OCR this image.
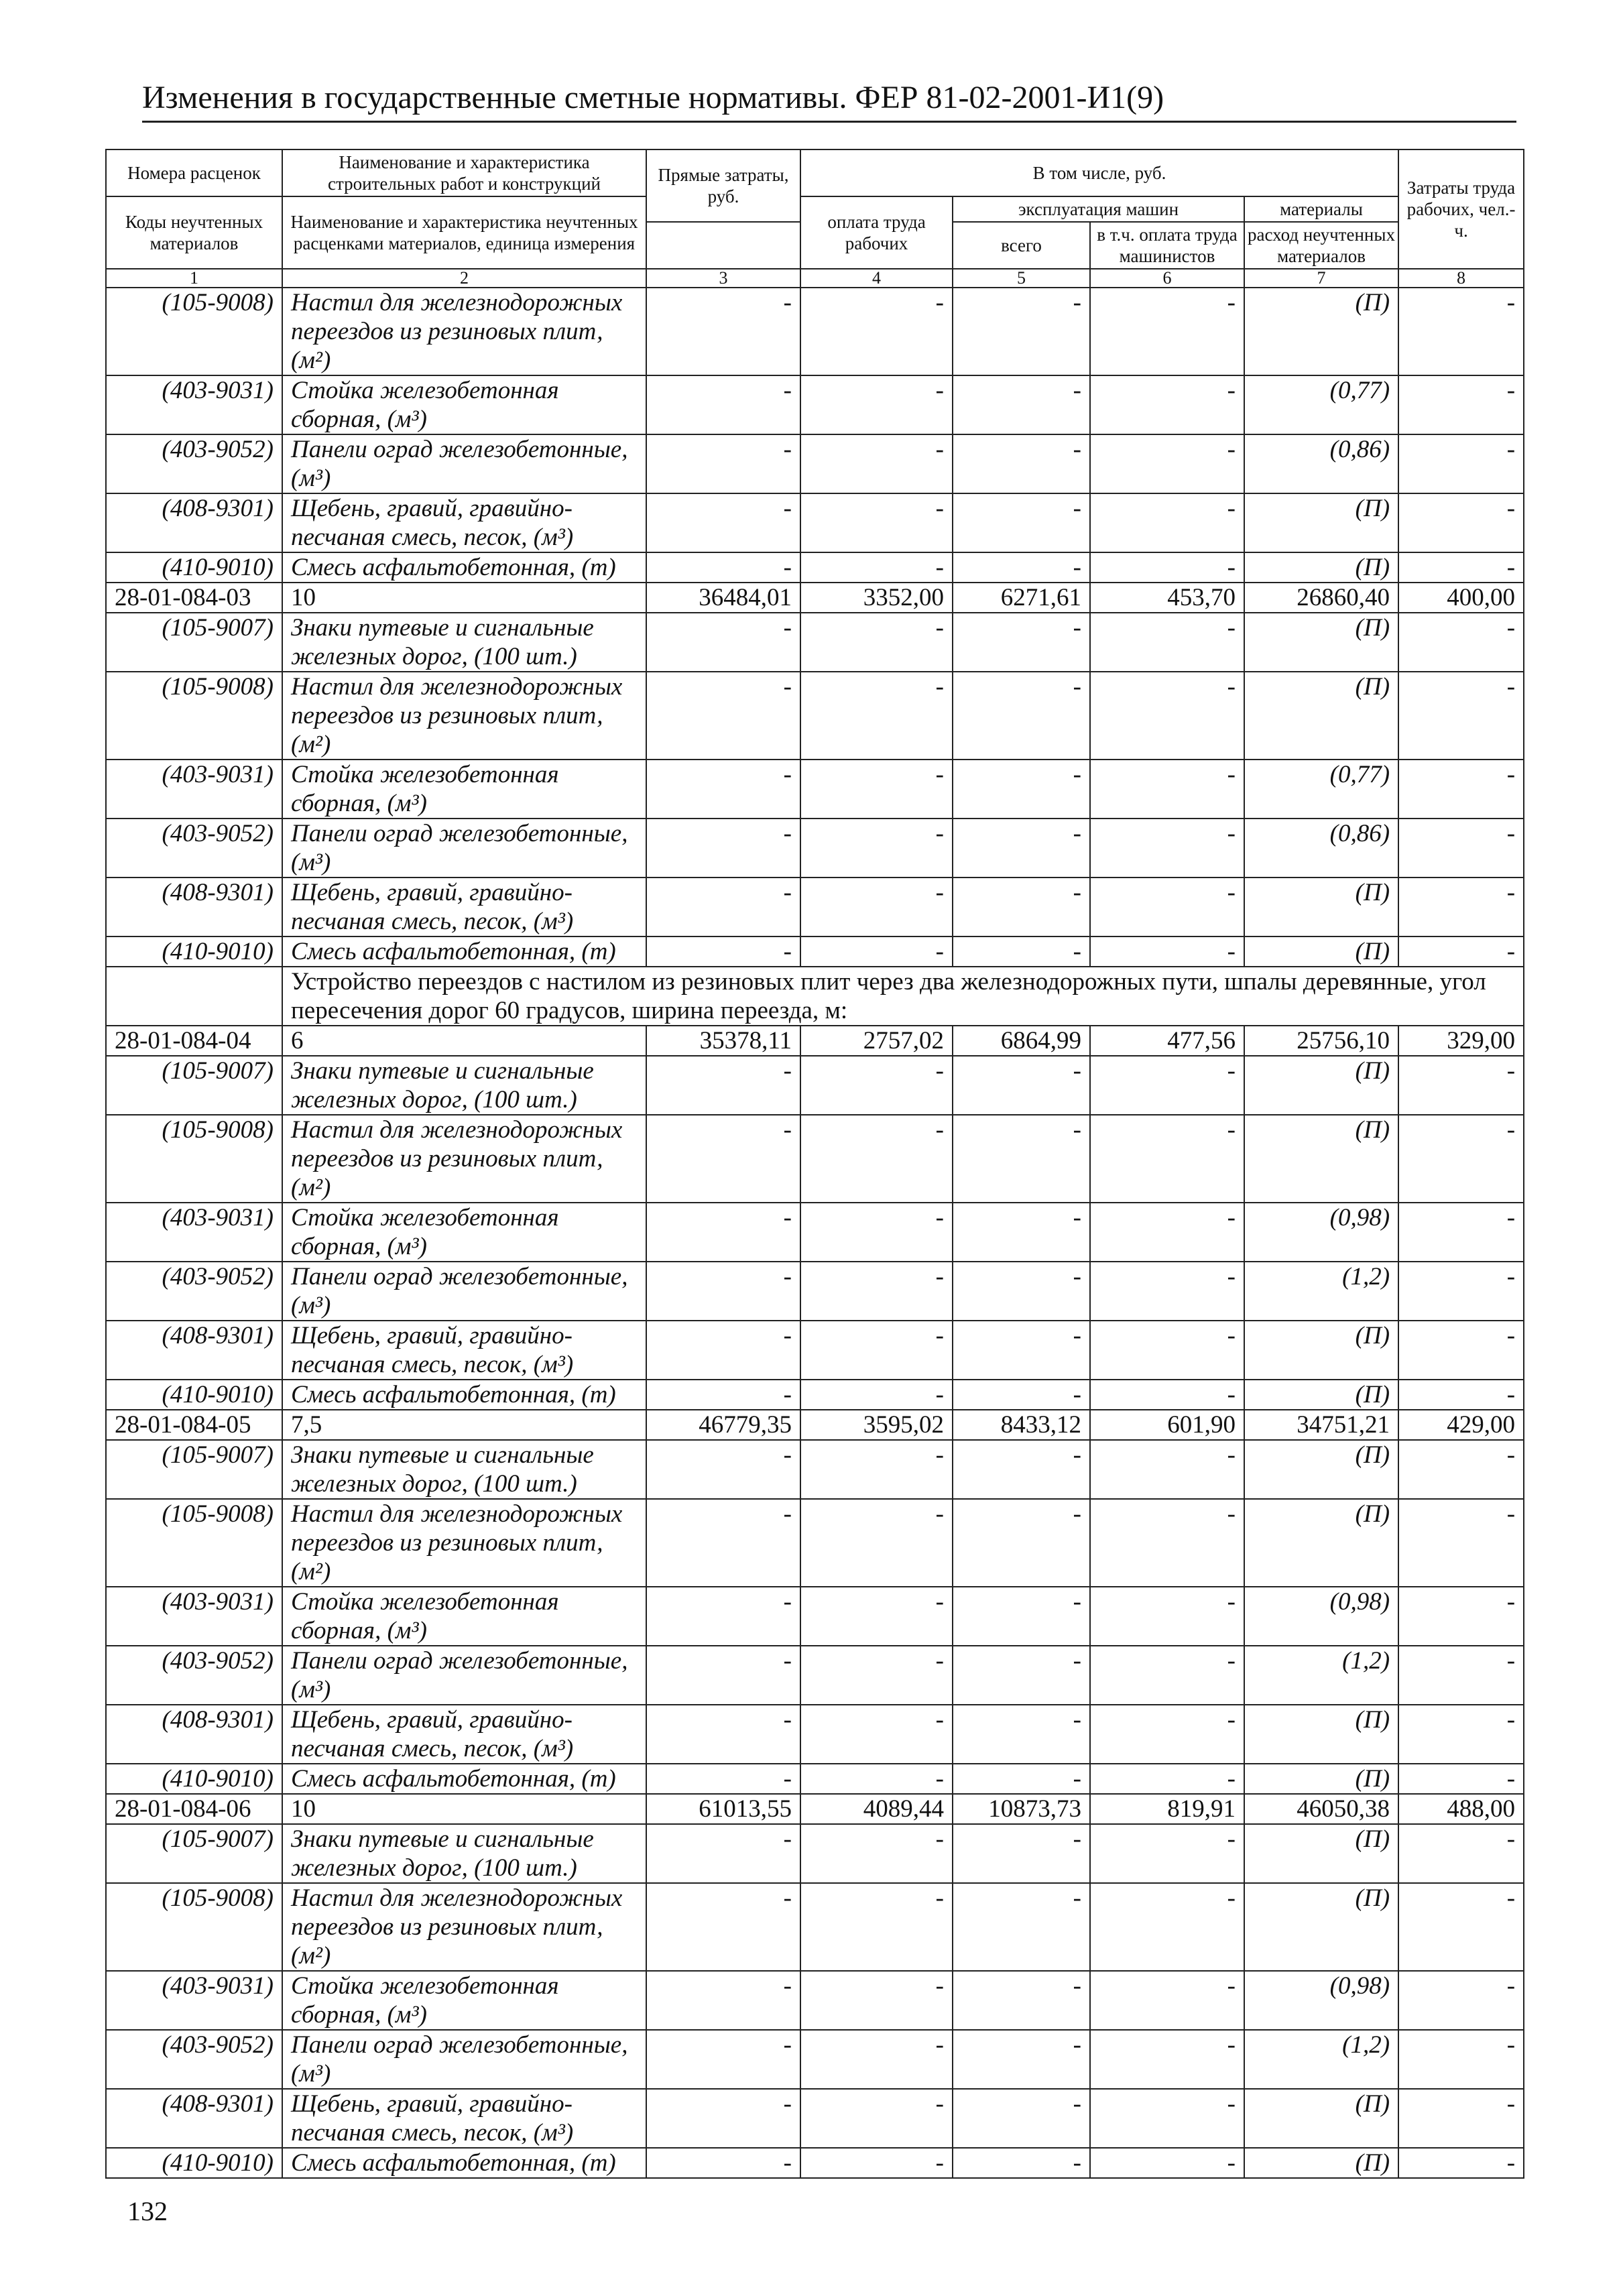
Изменения в государственные сметные нормативы. ФЕР 81-02-2001-И1(9)
Номера расценок	Наименование и характеристика строительных работ и конструкций	Прямые затраты, руб.	В том числе, руб.				Затраты труда рабочих, чел.-ч.
Коды неучтенных материалов	Наименование и характеристика неучтенных расценками материалов, единица измерения		оплата труда рабочих	эксплуатация машин		материалы	
				всего	в т.ч. оплата труда машинистов	расход неучтенных материалов	

1	2	3	4	5	6	7	8
(105-9008)	Настил для железнодорожных
переездов из резиновых плит,
(м²)	-	-	-	-	(П)	-
(403-9031)	Стойка железобетонная
сборная, (м³)	-	-	-	-	(0,77)	-
(403-9052)	Панели оград железобетонные,
(м³)	-	-	-	-	(0,86)	-
(408-9301)	Щебень, гравий, гравийно-
песчаная смесь, песок, (м³)	-	-	-	-	(П)	-
(410-9010)	Смесь асфальтобетонная, (т)	-	-	-	-	(П)	-
28-01-084-03	10	36484,01	3352,00	6271,61	453,70	26860,40	400,00
(105-9007)	Знаки путевые и сигнальные
железных дорог, (100 шт.)	-	-	-	-	(П)	-
(105-9008)	Настил для железнодорожных
переездов из резиновых плит,
(м²)	-	-	-	-	(П)	-
(403-9031)	Стойка железобетонная
сборная, (м³)	-	-	-	-	(0,77)	-
(403-9052)	Панели оград железобетонные,
(м³)	-	-	-	-	(0,86)	-
(408-9301)	Щебень, гравий, гравийно-
песчаная смесь, песок, (м³)	-	-	-	-	(П)	-
(410-9010)	Смесь асфальтобетонная, (т)	-	-	-	-	(П)	-

	Устройство переездов с настилом из резиновых плит через два железнодорожных пути, шпалы деревянные, угол
пересечения дорог 60 градусов, ширина переезда, м:						

28-01-084-04	6	35378,11	2757,02	6864,99	477,56	25756,10	329,00
(105-9007)	Знаки путевые и сигнальные
железных дорог, (100 шт.)	-	-	-	-	(П)	-
(105-9008)	Настил для железнодорожных
переездов из резиновых плит,
(м²)	-	-	-	-	(П)	-
(403-9031)	Стойка железобетонная
сборная, (м³)	-	-	-	-	(0,98)	-
(403-9052)	Панели оград железобетонные,
(м³)	-	-	-	-	(1,2)	-
(408-9301)	Щебень, гравий, гравийно-
песчаная смесь, песок, (м³)	-	-	-	-	(П)	-
(410-9010)	Смесь асфальтобетонная, (т)	-	-	-	-	(П)	-
28-01-084-05	7,5	46779,35	3595,02	8433,12	601,90	34751,21	429,00
(105-9007)	Знаки путевые и сигнальные
железных дорог, (100 шт.)	-	-	-	-	(П)	-
(105-9008)	Настил для железнодорожных
переездов из резиновых плит,
(м²)	-	-	-	-	(П)	-
(403-9031)	Стойка железобетонная
сборная, (м³)	-	-	-	-	(0,98)	-
(403-9052)	Панели оград железобетонные,
(м³)	-	-	-	-	(1,2)	-
(408-9301)	Щебень, гравий, гравийно-
песчаная смесь, песок, (м³)	-	-	-	-	(П)	-
(410-9010)	Смесь асфальтобетонная, (т)	-	-	-	-	(П)	-
28-01-084-06	10	61013,55	4089,44	10873,73	819,91	46050,38	488,00
(105-9007)	Знаки путевые и сигнальные
железных дорог, (100 шт.)	-	-	-	-	(П)	-
(105-9008)	Настил для железнодорожных
переездов из резиновых плит,
(м²)	-	-	-	-	(П)	-
(403-9031)	Стойка железобетонная
сборная, (м³)	-	-	-	-	(0,98)	-
(403-9052)	Панели оград железобетонные,
(м³)	-	-	-	-	(1,2)	-
(408-9301)	Щебень, гравий, гравийно-
песчаная смесь, песок, (м³)	-	-	-	-	(П)	-
(410-9010)	Смесь асфальтобетонная, (т)	-	-	-	-	(П)	-
132
